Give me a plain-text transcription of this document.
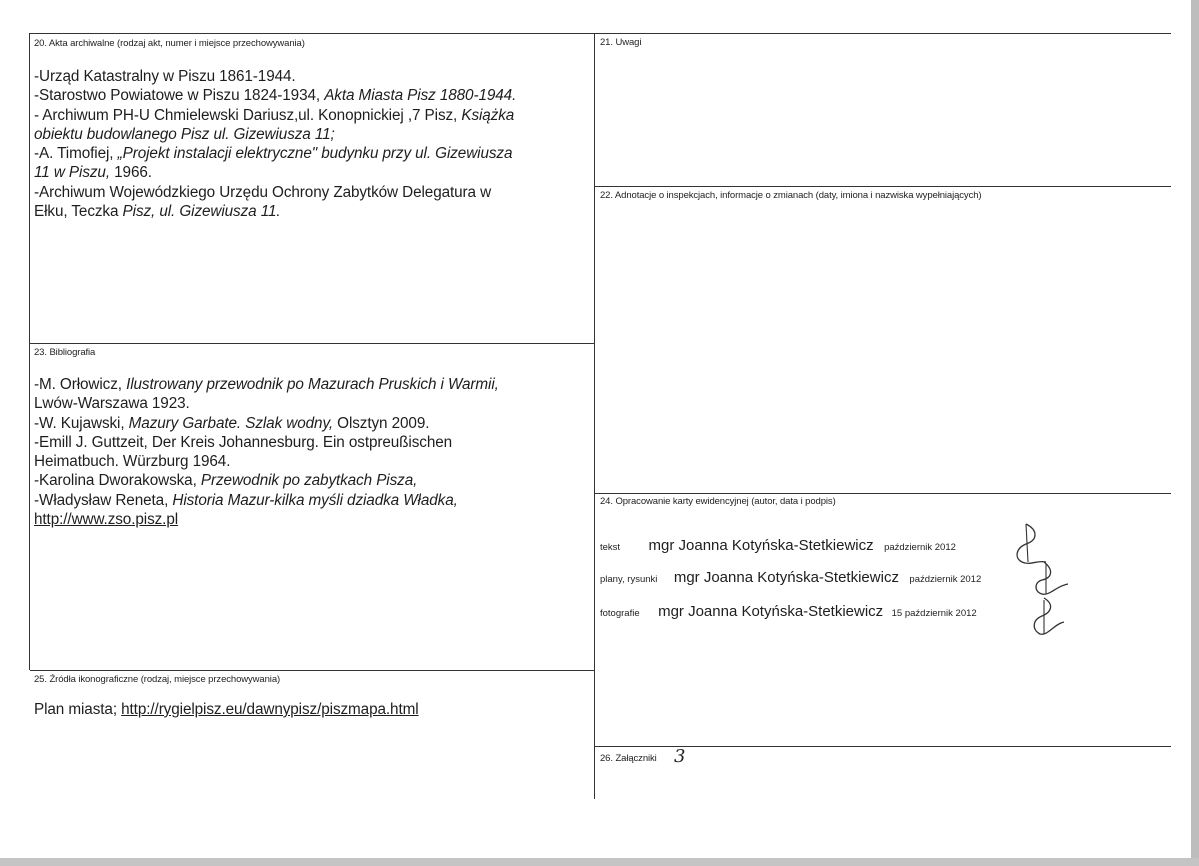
20. Akta archiwalne (rodzaj akt, numer i miejsce przechowywania)
-Urząd Katastralny w Piszu 1861-1944.
-Starostwo Powiatowe w Piszu 1824-1934, Akta Miasta Pisz 1880-1944.
- Archiwum PH-U Chmielewski Dariusz,ul. Konopnickiej ,7 Pisz, Książka
obiektu budowlanego Pisz ul. Gizewiusza 11;
-A. Timofiej, „Projekt instalacji elektryczne" budynku przy ul. Gizewiusza
11 w Piszu, 1966.
-Archiwum Wojewódzkiego Urzędu Ochrony Zabytków Delegatura w
Ełku, Teczka Pisz, ul. Gizewiusza 11.
21. Uwagi
22. Adnotacje o inspekcjach, informacje o zmianach (daty, imiona i nazwiska wypełniających)
23. Bibliografia
-M. Orłowicz, Ilustrowany przewodnik po Mazurach Pruskich i Warmii,
Lwów-Warszawa 1923.
-W. Kujawski, Mazury Garbate. Szlak wodny, Olsztyn 2009.
-Emill J. Guttzeit, Der Kreis Johannesburg. Ein ostpreußischen
Heimatbuch. Würzburg 1964.
-Karolina Dworakowska, Przewodnik po zabytkach Pisza,
-Władysław Reneta, Historia Mazur-kilka myśli dziadka Władka,
http://www.zso.pisz.pl
24. Opracowanie karty ewidencyjnej (autor, data i podpis)
tekst mgr Joanna Kotyńska-Stetkiewicz październik 2012
plany, rysunki mgr Joanna Kotyńska-Stetkiewicz październik 2012
fotografie mgr Joanna Kotyńska-Stetkiewicz 15 październik 2012
25. Źródła ikonograficzne (rodzaj, miejsce przechowywania)
Plan miasta; http://rygielpisz.eu/dawnypisz/piszmapa.html
26. Załączniki 3
